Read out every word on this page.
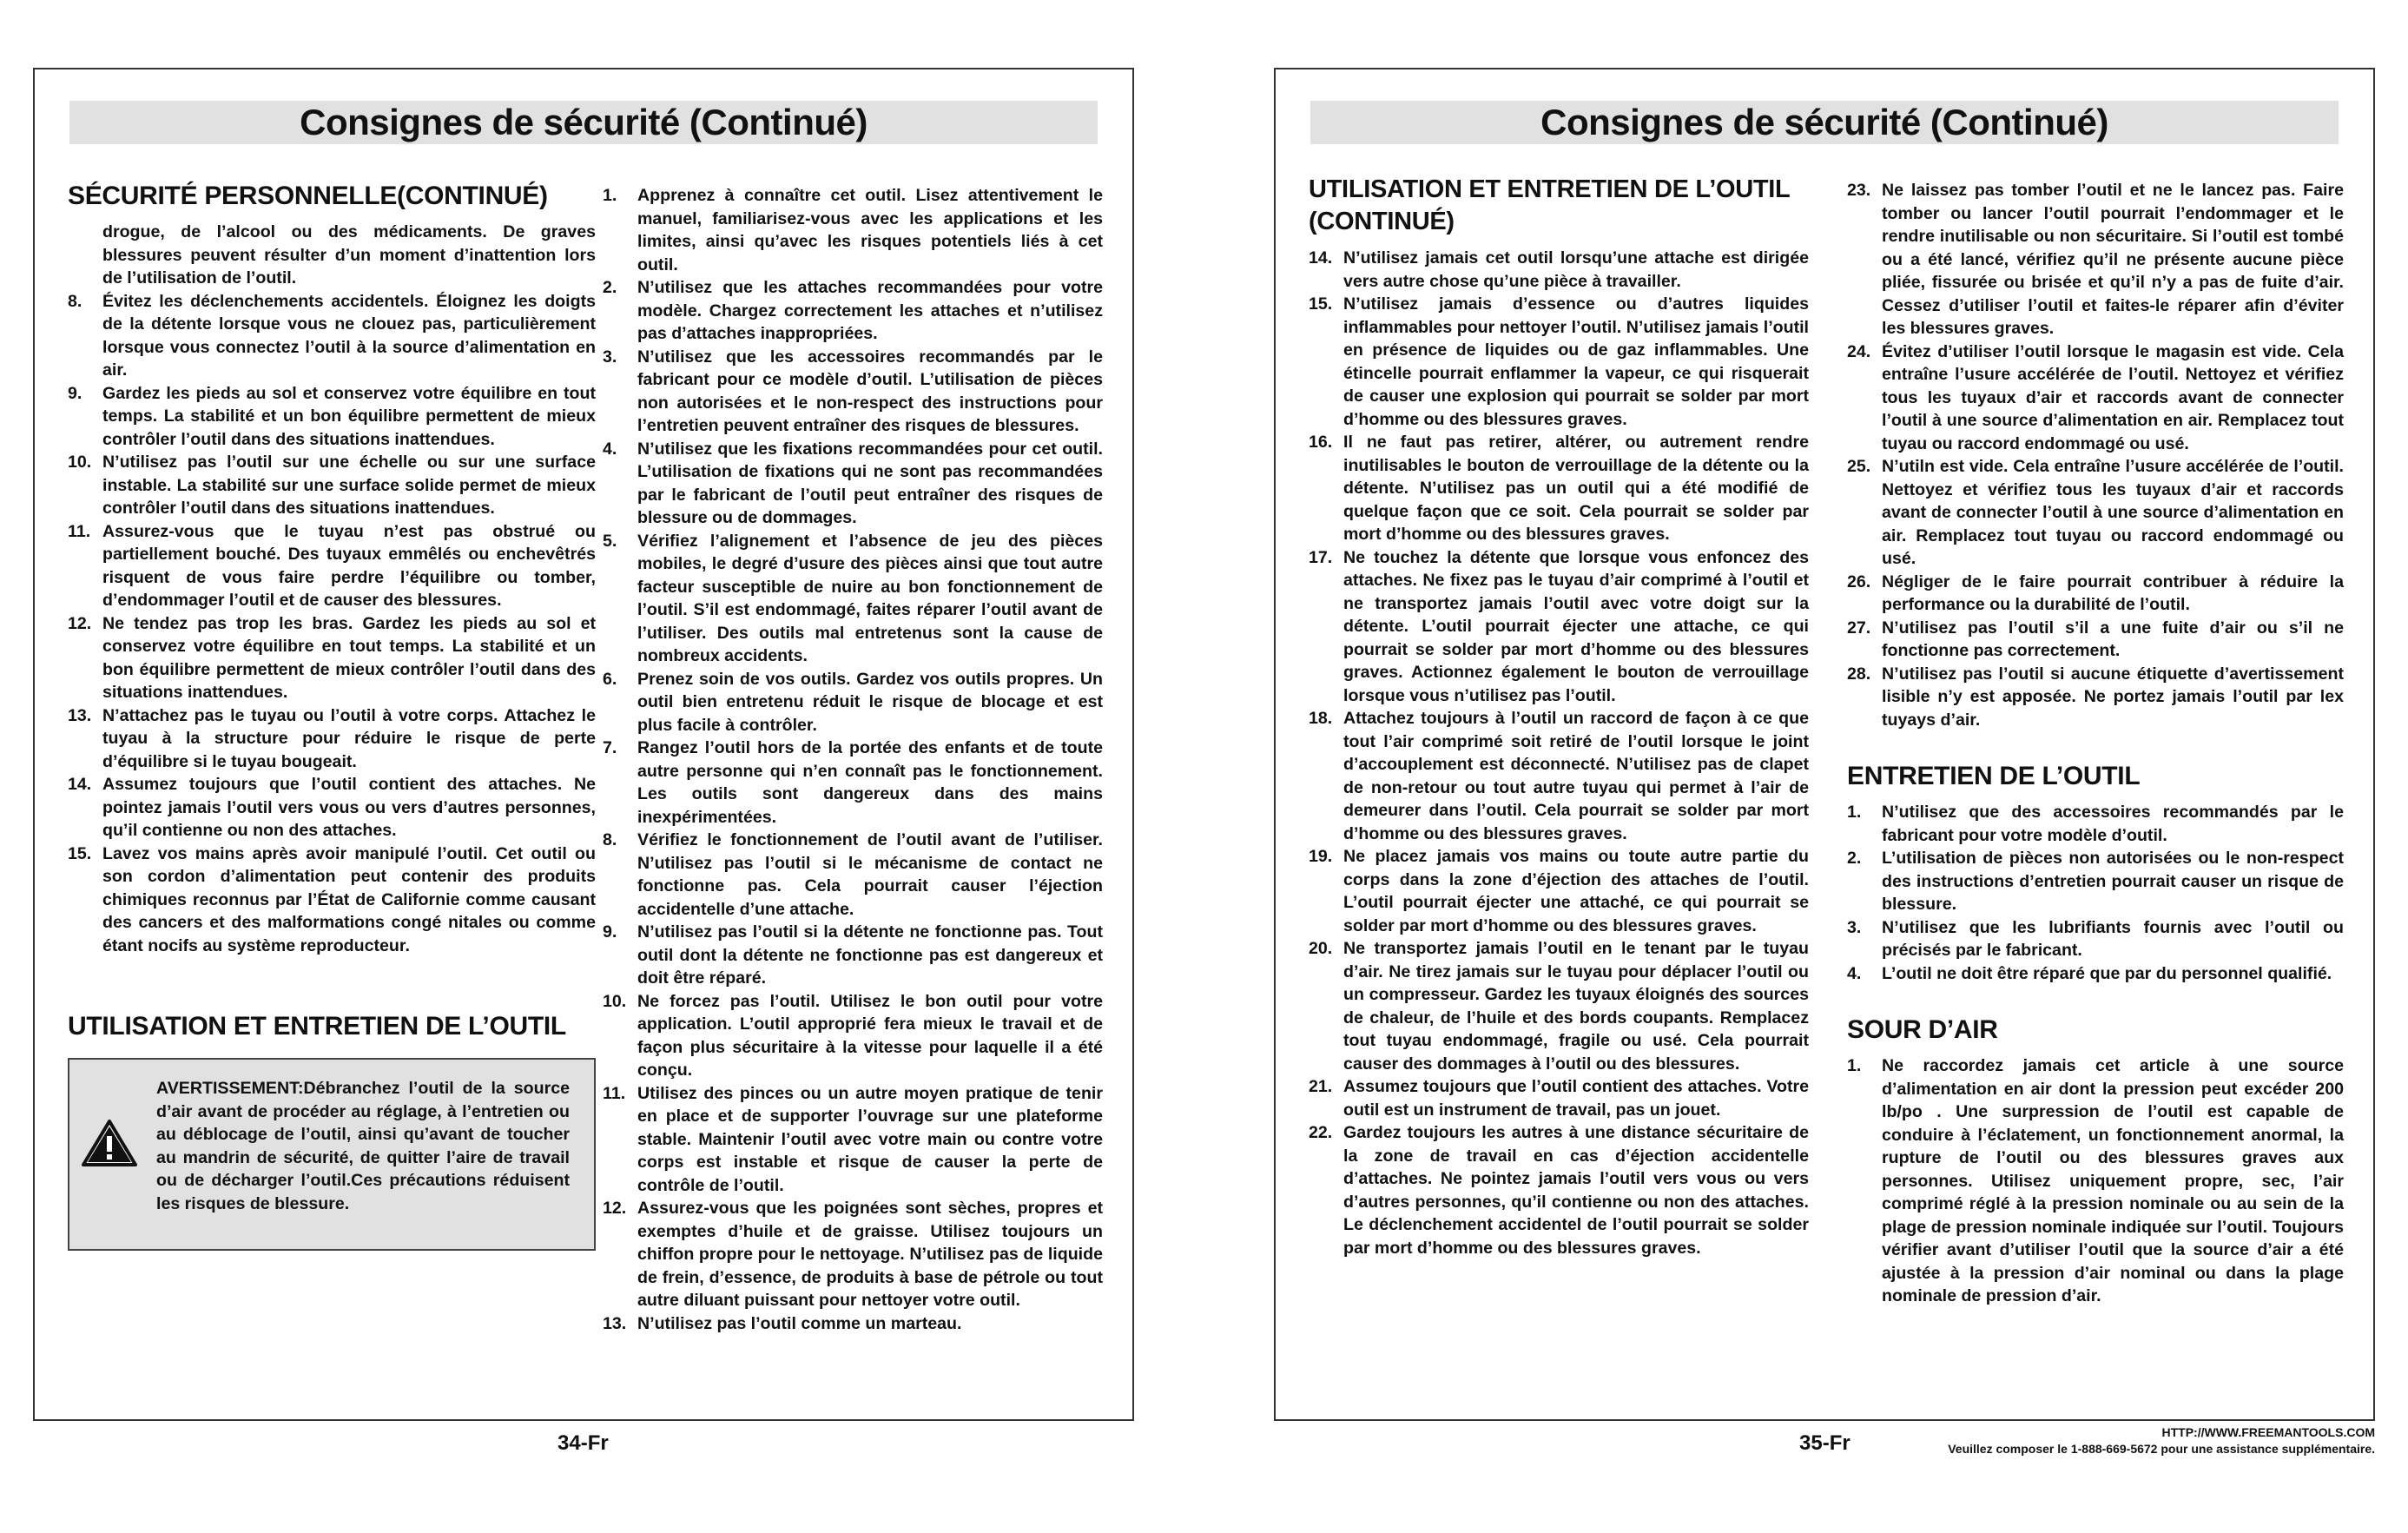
Consignes de sécurité (Continué)
SÉCURITÉ PERSONNELLE(CONTINUÉ)
drogue, de l’alcool ou des médicaments. De graves blessures peuvent résulter d’un moment d’inattention lors de l’utilisation de l’outil.
8.	Évitez les déclenchements accidentels. Éloignez les doigts de la détente lorsque vous ne clouez pas, particulièrement lorsque vous connectez l’outil à la source d’alimentation en air.
9.	Gardez les pieds au sol et conservez votre équilibre en tout temps. La stabilité et un bon équilibre permettent de mieux contrôler l’outil dans des situations inattendues.
10. N’utilisez pas l’outil sur une échelle ou sur une surface instable. La stabilité sur une surface solide permet de mieux contrôler l’outil dans des situations inattendues.
11. Assurez-vous que le tuyau n’est pas obstrué ou partiellement bouché. Des tuyaux emmêlés ou enchevêtrés risquent de vous faire perdre l’équilibre ou tomber, d’endommager l’outil et de causer des blessures.
12. Ne tendez pas trop les bras. Gardez les pieds au sol et conservez votre équilibre en tout temps. La stabilité et un bon équilibre permettent de mieux contrôler l’outil dans des situations inattendues.
13. N’attachez pas le tuyau ou l’outil à votre corps. Attachez le tuyau à la structure pour réduire le risque de perte d’équilibre si le tuyau bougeait.
14. Assumez toujours que l’outil contient des attaches. Ne pointez jamais l’outil vers vous ou vers d’autres personnes, qu’il contienne ou non des attaches.
15. Lavez vos mains après avoir manipulé l’outil. Cet outil ou son cordon d’alimentation peut contenir des produits chimiques reconnus par l’État de Californie comme causant des cancers et des malformations congé nitales ou comme étant nocifs au système reproducteur.
UTILISATION ET ENTRETIEN DE L’OUTIL
AVERTISSEMENT:Débranchez l’outil de la source d’air avant de procéder au réglage, à l’entretien ou au déblocage de l’outil, ainsi qu’avant de toucher au mandrin de sécurité, de quitter l’aire de travail ou de décharger l’outil.Ces précautions réduisent les risques de blessure.
1.	Apprenez à connaître cet outil. Lisez attentivement le manuel, familiarisez-vous avec les applications et les limites, ainsi qu’avec les risques potentiels liés à cet outil.
2.	N’utilisez que les attaches recommandées pour votre modèle. Chargez correctement les attaches et n’utilisez pas d’attaches inappropriées.
3.	N’utilisez que les accessoires recommandés par le fabricant pour ce modèle d’outil. L’utilisation de pièces non autorisées et le non-respect des instructions pour l’entretien peuvent entraîner des risques de blessures.
4.	N’utilisez que les fixations recommandées pour cet outil. L’utilisation de fixations qui ne sont pas recommandées par le fabricant de l’outil peut entraîner des risques de blessure ou de dommages.
5.	Vérifiez l’alignement et l’absence de jeu des pièces mobiles, le degré d’usure des pièces ainsi que tout autre facteur susceptible de nuire au bon fonctionnement de l’outil. S’il est endommagé, faites réparer l’outil avant de l’utiliser. Des outils mal entretenus sont la cause de nombreux accidents.
6.	Prenez soin de vos outils. Gardez vos outils propres. Un outil bien entretenu réduit le risque de blocage et est plus facile à contrôler.
7.	Rangez l’outil hors de la portée des enfants et de toute autre personne qui n’en connaît pas le fonctionnement. Les outils sont dangereux dans des mains inexpérimentées.
8.	Vérifiez le fonctionnement de l’outil avant de l’utiliser. N’utilisez pas l’outil si le mécanisme de contact ne fonctionne pas. Cela pourrait causer l’éjection accidentelle d’une attache.
9.	N’utilisez pas l’outil si la détente ne fonctionne pas. Tout outil dont la détente ne fonctionne pas est dangereux et doit être réparé.
10. Ne forcez pas l’outil. Utilisez le bon outil pour votre application. L’outil approprié fera mieux le travail et de façon plus sécuritaire à la vitesse pour laquelle il a été conçu.
11. Utilisez des pinces ou un autre moyen pratique de tenir en place et de supporter l’ouvrage sur une plateforme stable. Maintenir l’outil avec votre main ou contre votre corps est instable et risque de causer la perte de contrôle de l’outil.
12. Assurez-vous que les poignées sont sèches, propres et exemptes d’huile et de graisse. Utilisez toujours un chiffon propre pour le nettoyage. N’utilisez pas de liquide de frein, d’essence, de produits à base de pétrole ou tout autre diluant puissant pour nettoyer votre outil.
13. N’utilisez pas l’outil comme un marteau.
34-Fr
Consignes de sécurité (Continué)
UTILISATION ET ENTRETIEN DE L’OUTIL (CONTINUÉ)
14. N’utilisez jamais cet outil lorsqu’une attache est dirigée vers autre chose qu’une pièce à travailler.
15. N’utilisez jamais d’essence ou d’autres liquides inflammables pour nettoyer l’outil. N’utilisez jamais l’outil en présence de liquides ou de gaz inflammables. Une étincelle pourrait enflammer la vapeur, ce qui risquerait de causer une explosion qui pourrait se solder par mort d’homme ou des blessures graves.
16. Il ne faut pas retirer, altérer, ou autrement rendre inutilisables le bouton de verrouillage de la détente ou la détente. N’utilisez pas un outil qui a été modifié de quelque façon que ce soit. Cela pourrait se solder par mort d’homme ou des blessures graves.
17. Ne touchez la détente que lorsque vous enfoncez des attaches. Ne fixez pas le tuyau d’air comprimé à l’outil et ne transportez jamais l’outil avec votre doigt sur la détente. L’outil pourrait éjecter une attache, ce qui pourrait se solder par mort d’homme ou des blessures graves. Actionnez également le bouton de verrouillage lorsque vous n’utilisez pas l’outil.
18. Attachez toujours à l’outil un raccord de façon à ce que tout l’air comprimé soit retiré de l’outil lorsque le joint d’accouplement est déconnecté. N’utilisez pas de clapet de non-retour ou tout autre tuyau qui permet à l’air de demeurer dans l’outil. Cela pourrait se solder par mort d’homme ou des blessures graves.
19. Ne placez jamais vos mains ou toute autre partie du corps dans la zone d’éjection des attaches de l’outil. L’outil pourrait éjecter une attaché, ce qui pourrait se solder par mort d’homme ou des blessures graves.
20. Ne transportez jamais l’outil en le tenant par le tuyau d’air. Ne tirez jamais sur le tuyau pour déplacer l’outil ou un compresseur. Gardez les tuyaux éloignés des sources de chaleur, de l’huile et des bords coupants. Remplacez tout tuyau endommagé, fragile ou usé. Cela pourrait causer des dommages à l’outil ou des blessures.
21. Assumez toujours que l’outil contient des attaches. Votre outil est un instrument de travail, pas un jouet.
22. Gardez toujours les autres à une distance sécuritaire de la zone de travail en cas d’éjection accidentelle d’attaches. Ne pointez jamais l’outil vers vous ou vers d’autres personnes, qu’il contienne ou non des attaches. Le déclenchement accidentel de l’outil pourrait se solder par mort d’homme ou des blessures graves.
23. Ne laissez pas tomber l’outil et ne le lancez pas. Faire tomber ou lancer l’outil pourrait l’endommager et le rendre inutilisable ou non sécuritaire. Si l’outil est tombé ou a été lancé, vérifiez qu’il ne présente aucune pièce pliée, fissurée ou brisée et qu’il n’y a pas de fuite d’air. Cessez d’utiliser l’outil et faites-le réparer afin d’éviter les blessures graves.
24. Évitez d’utiliser l’outil lorsque le magasin est vide. Cela entraîne l’usure accélérée de l’outil. Nettoyez et vérifiez tous les tuyaux d’air et raccords avant de connecter l’outil à une source d’alimentation en air. Remplacez tout tuyau ou raccord endommagé ou usé.
25. N’utiln est vide. Cela entraîne l’usure accélérée de l’outil. Nettoyez et vérifiez tous les tuyaux d’air et raccords avant de connecter l’outil à une source d’alimentation en air. Remplacez tout tuyau ou raccord endommagé ou usé.
26. Négliger de le faire pourrait contribuer à réduire la performance ou la durabilité de l’outil.
27. N’utilisez pas l’outil s’il a une fuite d’air ou s’il ne fonctionne pas correctement.
28. N’utilisez pas l’outil si aucune étiquette d’avertissement lisible n’y est apposée. Ne portez jamais l’outil par lex tuyays d’air.
ENTRETIEN DE L’OUTIL
1.	N’utilisez que des accessoires recommandés par le fabricant pour votre modèle d’outil.
2.	L’utilisation de pièces non autorisées ou le non-respect des instructions d’entretien pourrait causer un risque de blessure.
3.	N’utilisez que les lubrifiants fournis avec l’outil ou précisés par le fabricant.
4.	L’outil ne doit être réparé que par du personnel qualifié.
SOUR D’AIR
1.	Ne raccordez jamais cet article à une source d’alimentation en air dont la pression peut excéder 200 lb/po . Une surpression de l’outil est capable de conduire à l’éclatement, un fonctionnement anormal, la rupture de l’outil ou des blessures graves aux personnes. Utilisez uniquement propre, sec, l’air comprimé réglé à la pression nominale ou au sein de la plage de pression nominale indiquée sur l’outil. Toujours vérifier avant d’utiliser l’outil que la source d’air a été ajustée à la pression d’air nominal ou dans la plage nominale de pression d’air.
35-Fr	HTTP://WWW.FREEMANTOOLS.COM
Veuillez composer le 1-888-669-5672 pour une assistance supplémentaire.
